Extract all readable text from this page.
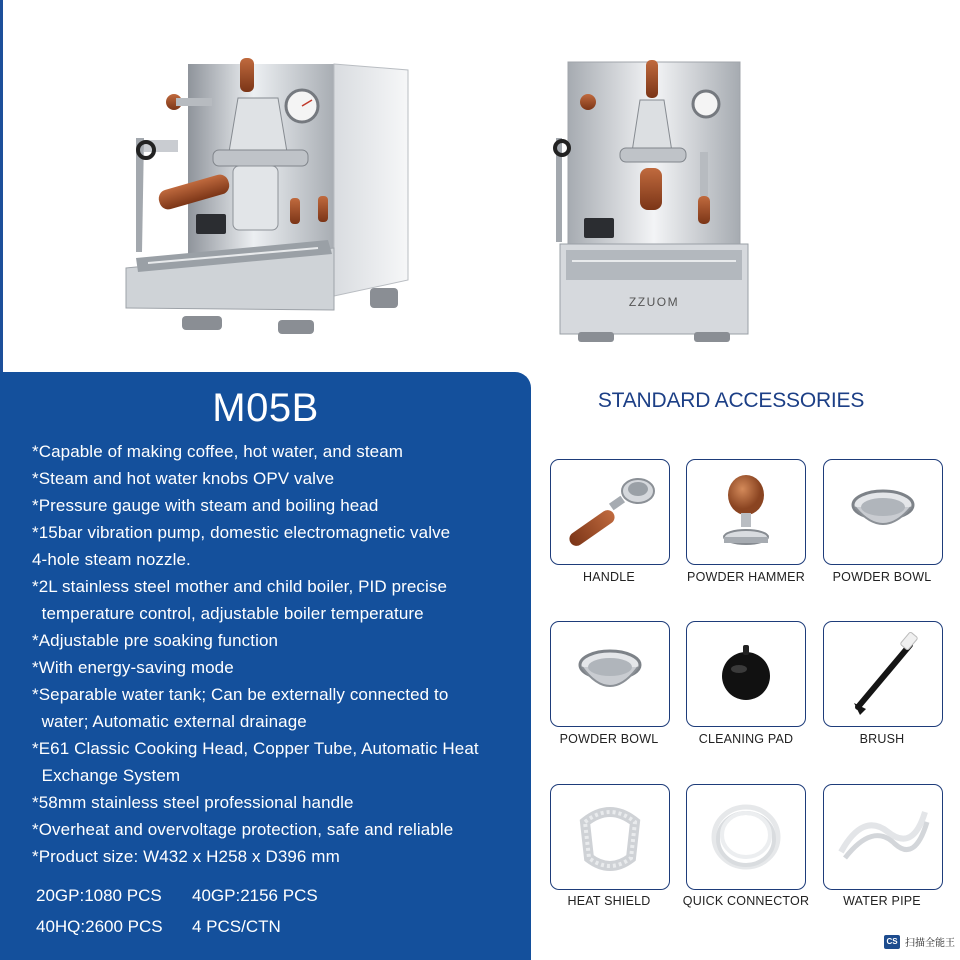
ZZUOM
M05B
*Capable of making coffee, hot water, and steam
*Steam and hot water knobs OPV valve
*Pressure gauge with steam and boiling head
*15bar vibration pump, domestic electromagnetic valve
4-hole steam nozzle.
*2L stainless steel mother and child boiler, PID precise
temperature control, adjustable boiler temperature
*Adjustable pre soaking function
*With energy-saving mode
*Separable water tank; Can be externally connected to
water; Automatic external drainage
*E61 Classic Cooking Head, Copper Tube, Automatic Heat
Exchange System
*58mm stainless steel professional handle
*Overheat and overvoltage protection, safe and reliable
*Product size: W432 x H258 x D396 mm
20GP:1080 PCS	40GP:2156 PCS
40HQ:2600 PCS	4 PCS/CTN
STANDARD ACCESSORIES
HANDLE	POWDER HAMMER	POWDER BOWL
POWDER BOWL	CLEANING PAD	BRUSH
HEAT SHIELD	QUICK CONNECTOR	WATER PIPE
CS 扫描全能王
